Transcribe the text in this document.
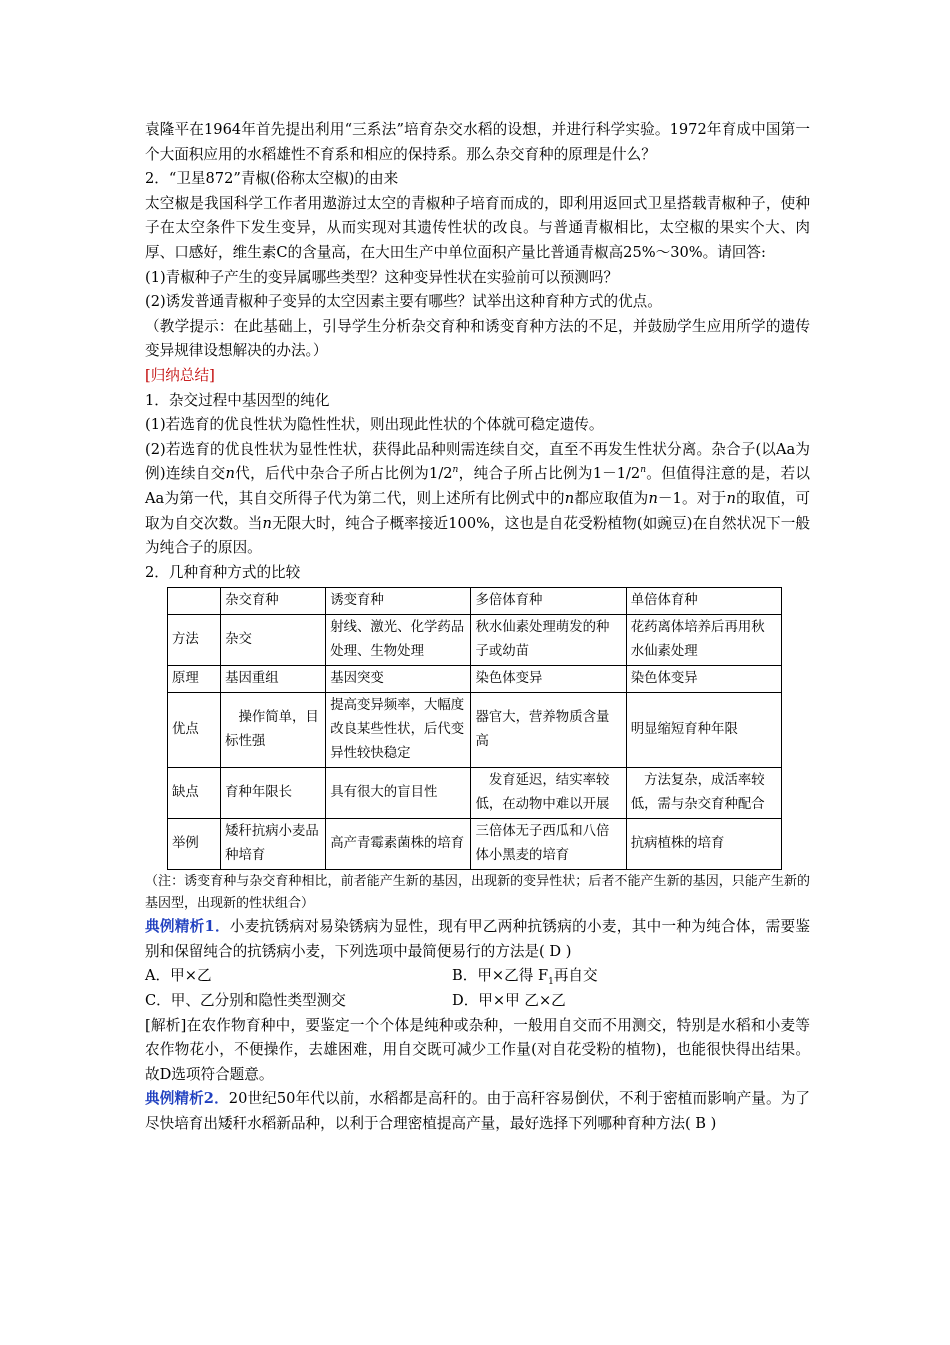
袁隆平在1964年首先提出利用“三系法”培育杂交水稻的设想，并进行科学实验。1972年育成中国第一个大面积应用的水稻雄性不育系和相应的保持系。那么杂交育种的原理是什么？

2．“卫星872”青椒(俗称太空椒)的由来

太空椒是我国科学工作者用遨游过太空的青椒种子培育而成的，即利用返回式卫星搭载青椒种子，使种子在太空条件下发生变异，从而实现对其遗传性状的改良。与普通青椒相比，太空椒的果实个大、肉厚、口感好，维生素C的含量高，在大田生产中单位面积产量比普通青椒高25%～30%。请回答:

(1)青椒种子产生的变异属哪些类型？这种变异性状在实验前可以预测吗？

(2)诱发普通青椒种子变异的太空因素主要有哪些？试举出这种育种方式的优点。

（教学提示：在此基础上，引导学生分析杂交育种和诱变育种方法的不足，并鼓励学生应用所学的遗传变异规律设想解决的办法。）

[归纳总结]

1．杂交过程中基因型的纯化

(1)若选育的优良性状为隐性性状，则出现此性状的个体就可稳定遗传。

(2)若选育的优良性状为显性性状，获得此品种则需连续自交，直至不再发生性状分离。杂合子(以Aa为例)连续自交n代，后代中杂合子所占比例为1/2$^n$，纯合子所占比例为$1-1/2^n$。但值得注意的是，若以Aa为第一代，其自交所得子代为第二代，则上述所有比例式中的n都应取值为n－1。对于n的取值，可取为自交次数。当n无限大时，纯合子概率接近100%，这也是自花受粉植物(如豌豆)在自然状况下一般为纯合子的原因。

2．几种育种方式的比较

	杂交育种	诱变育种	多倍体育种	单倍体育种
方法	杂交	射线、激光、化学药品处理、生物处理	秋水仙素处理萌发的种子或幼苗	花药离体培养后再用秋水仙素处理
原理	基因重组	基因突变	染色体变异	染色体变异
优点	　操作简单，目标性强	提高变异频率，大幅度改良某些性状，后代变异性较快稳定	器官大，营养物质含量高	明显缩短育种年限
缺点	育种年限长	具有很大的盲目性	　发育延迟，结实率较低，在动物中难以开展	　方法复杂，成活率较低，需与杂交育种配合
举例	矮秆抗病小麦品种培育	高产青霉素菌株的培育	三倍体无子西瓜和八倍体小黑麦的培育	抗病植株的培育

（注：诱变育种与杂交育种相比，前者能产生新的基因，出现新的变异性状；后者不能产生新的基因，只能产生新的基因型，出现新的性状组合）

典例精析1．小麦抗锈病对易染锈病为显性，现有甲乙两种抗锈病的小麦，其中一种为纯合体，需要鉴别和保留纯合的抗锈病小麦，下列选项中最简便易行的方法是( D )

A．甲×乙	B．甲×乙得 $F_1$再自交
C．甲、乙分别和隐性类型测交	D．甲×甲 乙×乙

[解析]在农作物育种中，要鉴定一个个体是纯种或杂种，一般用自交而不用测交，特别是水稻和小麦等农作物花小，不便操作，去雄困难，用自交既可减少工作量(对自花受粉的植物)，也能很快得出结果。故D选项符合题意。

典例精析2．20世纪50年代以前，水稻都是高秆的。由于高秆容易倒伏，不利于密植而影响产量。为了尽快培育出矮秆水稻新品种，以利于合理密植提高产量，最好选择下列哪种育种方法( B )
